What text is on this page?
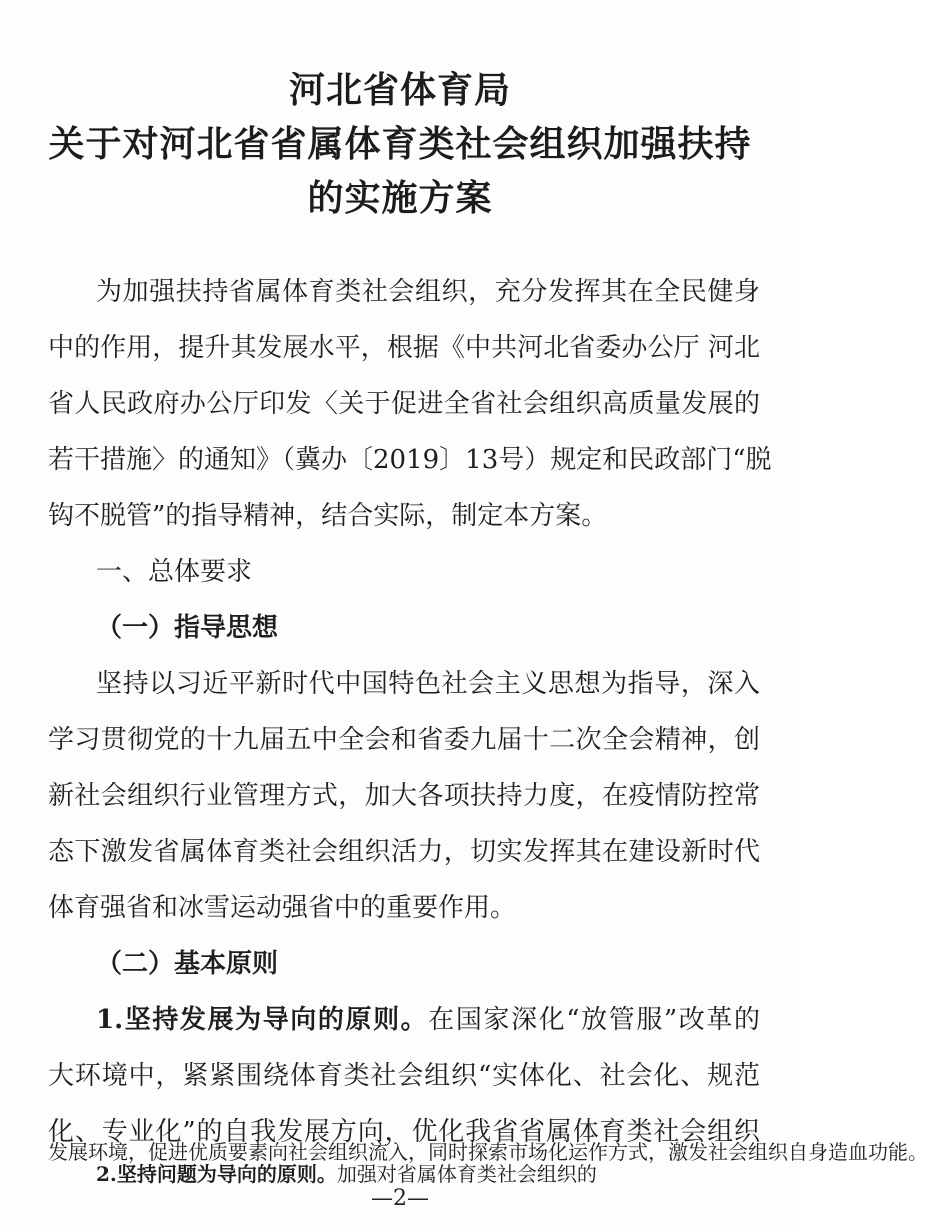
河北省体育局
关于对河北省省属体育类社会组织加强扶持
的实施方案
为加强扶持省属体育类社会组织，充分发挥其在全民健身
中的作用，提升其发展水平，根据《中共河北省委办公厅 河北
省人民政府办公厅印发〈关于促进全省社会组织高质量发展的
若干措施〉的通知》（冀办〔2019〕13号）规定和民政部门“脱
钩不脱管”的指导精神，结合实际，制定本方案。
一、总体要求
（一）指导思想
坚持以习近平新时代中国特色社会主义思想为指导，深入
学习贯彻党的十九届五中全会和省委九届十二次全会精神，创
新社会组织行业管理方式，加大各项扶持力度，在疫情防控常
态下激发省属体育类社会组织活力，切实发挥其在建设新时代
体育强省和冰雪运动强省中的重要作用。
（二）基本原则
1.坚持发展为导向的原则。在国家深化“放管服”改革的
大环境中，紧紧围绕体育类社会组织“实体化、社会化、规范
化、专业化”的自我发展方向，优化我省省属体育类社会组织
—2—
发展环境，促进优质要素向社会组织流入，同时探索市场化运作方式，激发社会组织自身造血功能。
2.坚持问题为导向的原则。加强对省属体育类社会组织的
